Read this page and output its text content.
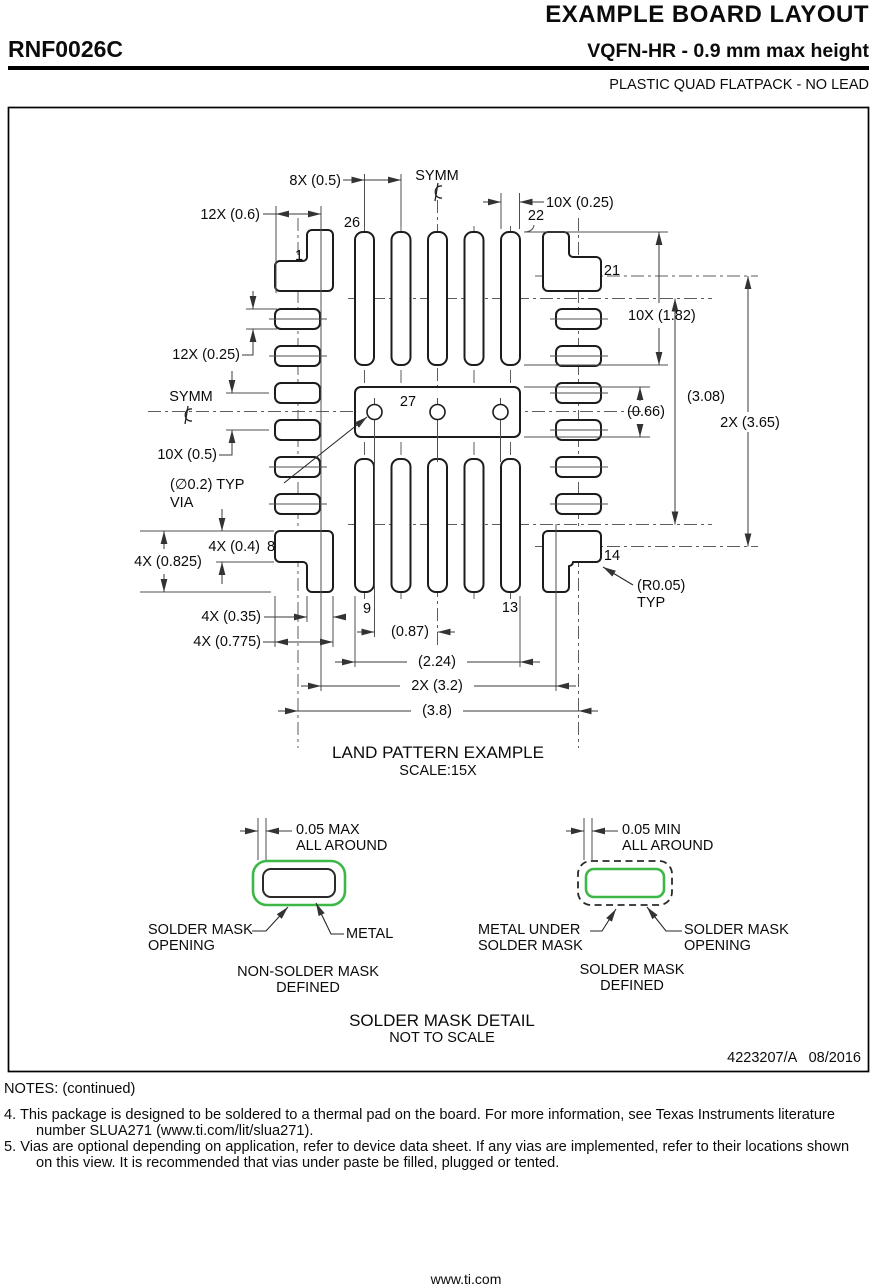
EXAMPLE BOARD LAYOUT
RNF0026C	VQFN-HR - 0.9 mm max height
PLASTIC QUAD FLATPACK - NO LEAD
8X (0.5)	SYMM
10X (0.25)
12X (0.6)	26	22
1
21
10X (1.82)
12X (0.25)
SYMM
(0.66)
(3.08)
2X (3.65)
10X (0.5)
(∅0.2) TYP
VIA
27
4X (0.4) 8
4X (0.825)	14
(R0.05)
TYP
4X (0.35)
4X (0.775)
9	13
(0.87)
(2.24)
2X (3.2)
(3.8)
LAND PATTERN EXAMPLE
SCALE:15X
0.05 MAX
ALL AROUND
SOLDER MASK
OPENING
METAL
NON-SOLDER MASK
DEFINED
0.05 MIN
ALL AROUND
METAL UNDER
SOLDER MASK
SOLDER MASK
OPENING
SOLDER MASK
DEFINED
SOLDER MASK DETAIL
NOT TO SCALE
4223207/A   08/2016
NOTES: (continued)
4. This package is designed to be soldered to a thermal pad on the board. For more information, see Texas Instruments literature
number SLUA271 (www.ti.com/lit/slua271).
5. Vias are optional depending on application, refer to device data sheet. If any vias are implemented, refer to their locations shown
on this view. It is recommended that vias under paste be filled, plugged or tented.
www.ti.com
